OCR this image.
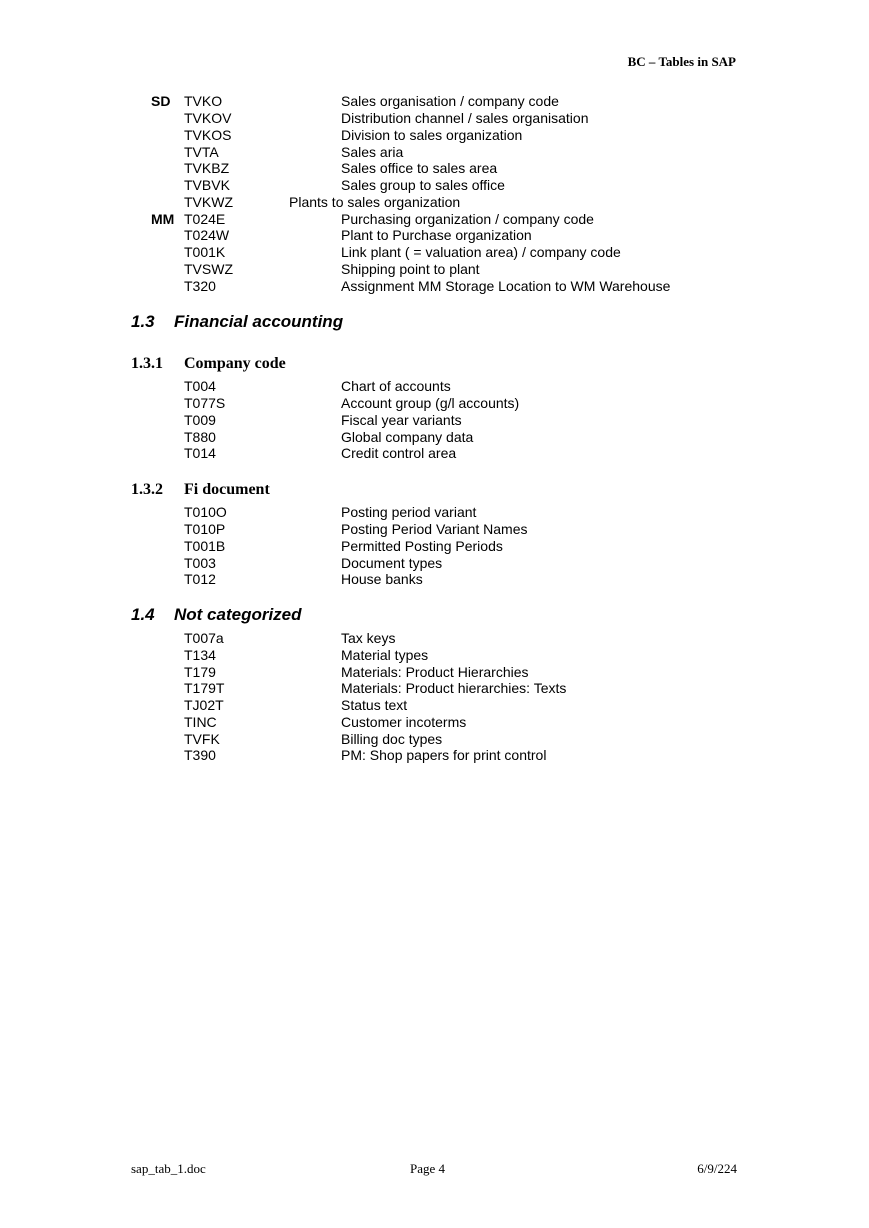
BC – Tables in SAP
SD TVKO	Sales organisation / company code
TVKOV	Distribution channel / sales organisation
TVKOS	Division to sales organization
TVTA	Sales aria
TVKBZ	Sales office to sales area
TVBVK	Sales group to sales office
TVKWZ	Plants to sales organization
MM T024E	Purchasing organization / company code
T024W	Plant to Purchase organization
T001K	Link plant ( = valuation area) / company code
TVSWZ	Shipping point to plant
T320	Assignment MM Storage Location to WM Warehouse
1.3 Financial accounting
1.3.1 Company code
T004	Chart of accounts
T077S	Account group (g/l accounts)
T009	Fiscal year variants
T880	Global company data
T014	Credit control area
1.3.2 Fi document
T010O	Posting period variant
T010P	Posting Period Variant Names
T001B	Permitted Posting Periods
T003	Document types
T012	House banks
1.4 Not categorized
T007a	Tax keys
T134	Material types
T179	Materials: Product Hierarchies
T179T	Materials: Product hierarchies: Texts
TJ02T	Status text
TINC	Customer incoterms
TVFK	Billing doc types
T390	PM: Shop papers for print control
sap_tab_1.doc	Page 4	6/9/224
